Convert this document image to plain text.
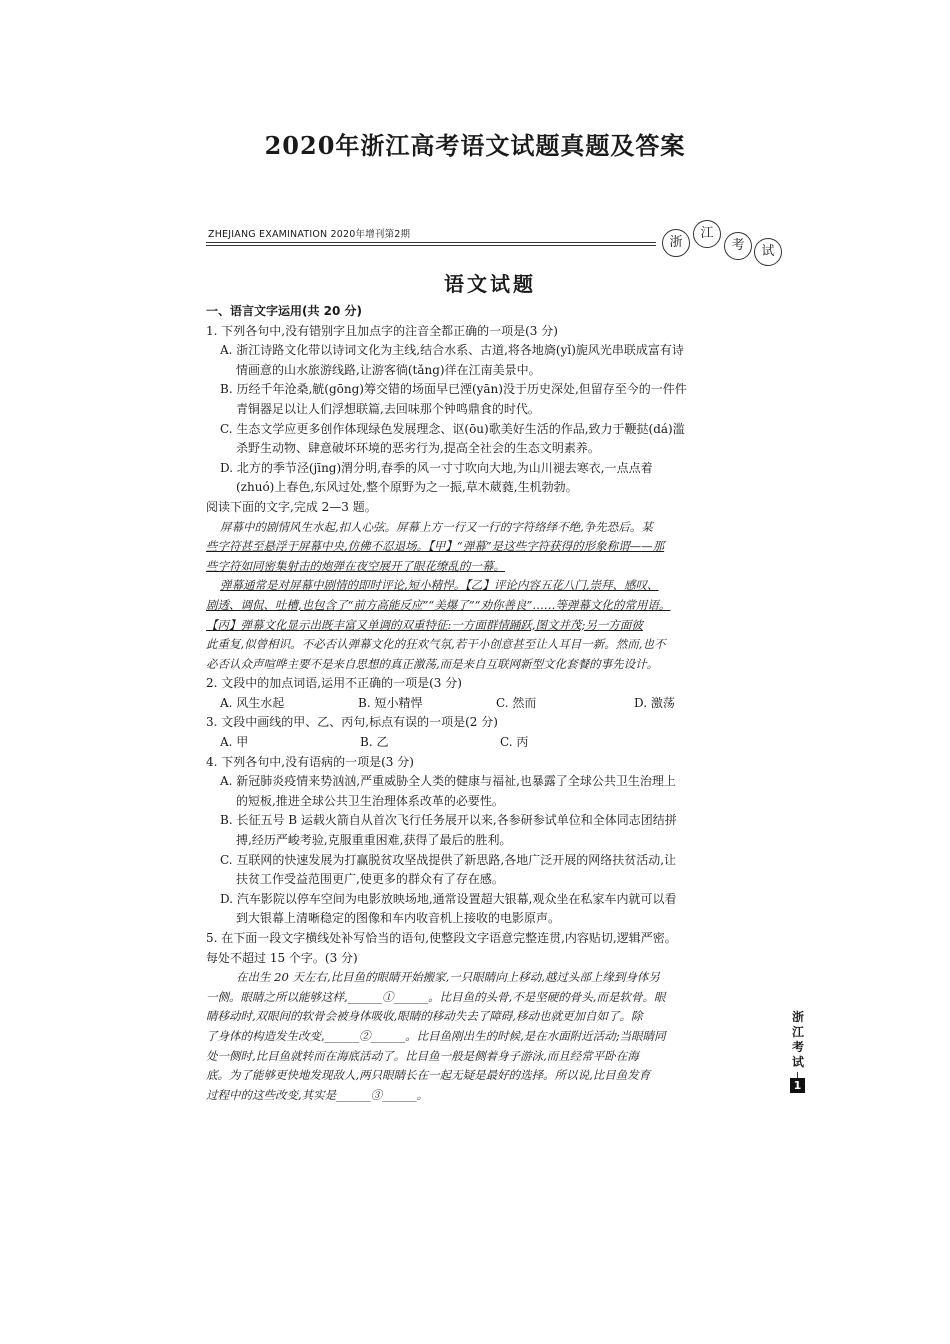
2020年浙江高考语文试题真题及答案
ZHEJIANG EXAMINATION 2020年增刊第2期
浙
江
考	试
语文试题
一、语言文字运用(共 20 分)
1. 下列各句中,没有错别字且加点字的注音全都正确的一项是(3 分)
A. 浙江诗路文化带以诗词文化为主线,结合水系、古道,将各地旖(yǐ)旎风光串联成富有诗
情画意的山水旅游线路,让游客徜(tǎng)徉在江南美景中。
B. 历经千年沧桑,觥(gōng)筹交错的场面早已湮(yān)没于历史深处,但留存至今的一件件
青铜器足以让人们浮想联篇,去回味那个钟鸣鼎食的时代。
C. 生态文学应更多创作体现绿色发展理念、讴(ōu)歌美好生活的作品,致力于鞭挞(dá)滥
杀野生动物、肆意破坏环境的恶劣行为,提高全社会的生态文明素养。
D. 北方的季节泾(jīng)渭分明,春季的风一寸寸吹向大地,为山川褪去寒衣,一点点着
(zhuó)上春色,东风过处,整个原野为之一振,草木葳蕤,生机勃勃。
阅读下面的文字,完成 2—3 题。
屏幕中的剧情风生水起,扣人心弦。屏幕上方一行又一行的字符络绎不绝,争先恐后。某
些字符甚至悬浮于屏幕中央,仿佛不忍退场。【甲】“弹幕”是这些字符获得的形象称谓——那
些字符如同密集射击的炮弹在夜空展开了眼花缭乱的一幕。
弹幕通常是对屏幕中剧情的即时评论,短小精悍。【乙】评论内容五花八门,崇拜、感叹、
剧透、调侃、吐槽,也包含了“前方高能反应”“美爆了”“劝你善良”……等弹幕文化的常用语。
【丙】弹幕文化显示出既丰富又单调的双重特征:一方面群情踊跃,图文并茂;另一方面彼
此重复,似曾相识。不必否认弹幕文化的狂欢气氛,若干小创意甚至让人耳目一新。然而,也不
必否认众声喧哗主要不是来自思想的真正激荡,而是来自互联网新型文化套餐的事先设计。
2. 文段中的加点词语,运用不正确的一项是(3 分)
A. 风生水起	B. 短小精悍	C. 然而	D. 激荡
3. 文段中画线的甲、乙、丙句,标点有误的一项是(2 分)
A. 甲	B. 乙	C. 丙
4. 下列各句中,没有语病的一项是(3 分)
A. 新冠肺炎疫情来势汹汹,严重威胁全人类的健康与福祉,也暴露了全球公共卫生治理上
的短板,推进全球公共卫生治理体系改革的必要性。
B. 长征五号 B 运载火箭自从首次飞行任务展开以来,各参研参试单位和全体同志团结拼
搏,经历严峻考验,克服重重困难,获得了最后的胜利。
C. 互联网的快速发展为打赢脱贫攻坚战提供了新思路,各地广泛开展的网络扶贫活动,让
扶贫工作受益范围更广,使更多的群众有了存在感。
D. 汽车影院以停车空间为电影放映场地,通常设置超大银幕,观众坐在私家车内就可以看
到大银幕上清晰稳定的图像和车内收音机上接收的电影原声。
5. 在下面一段文字横线处补写恰当的语句,使整段文字语意完整连贯,内容贴切,逻辑严密。
每处不超过 15 个字。(3 分)
在出生 20 天左右,比目鱼的眼睛开始搬家,一只眼睛向上移动,越过头部上缘到身体另
一侧。眼睛之所以能够这样,______①______。比目鱼的头骨,不是坚硬的骨头,而是软骨。眼
睛移动时,双眼间的软骨会被身体吸收,眼睛的移动失去了障碍,移动也就更加自如了。除
了身体的构造发生改变,______②______。比目鱼刚出生的时候,是在水面附近活动;当眼睛同
处一侧时,比目鱼就转而在海底活动了。比目鱼一般是侧着身子游泳,而且经常平卧在海
底。为了能够更快地发现敌人,两只眼睛长在一起无疑是最好的选择。所以说,比目鱼发育
过程中的这些改变,其实是______③______。
浙
江
考
试
1
